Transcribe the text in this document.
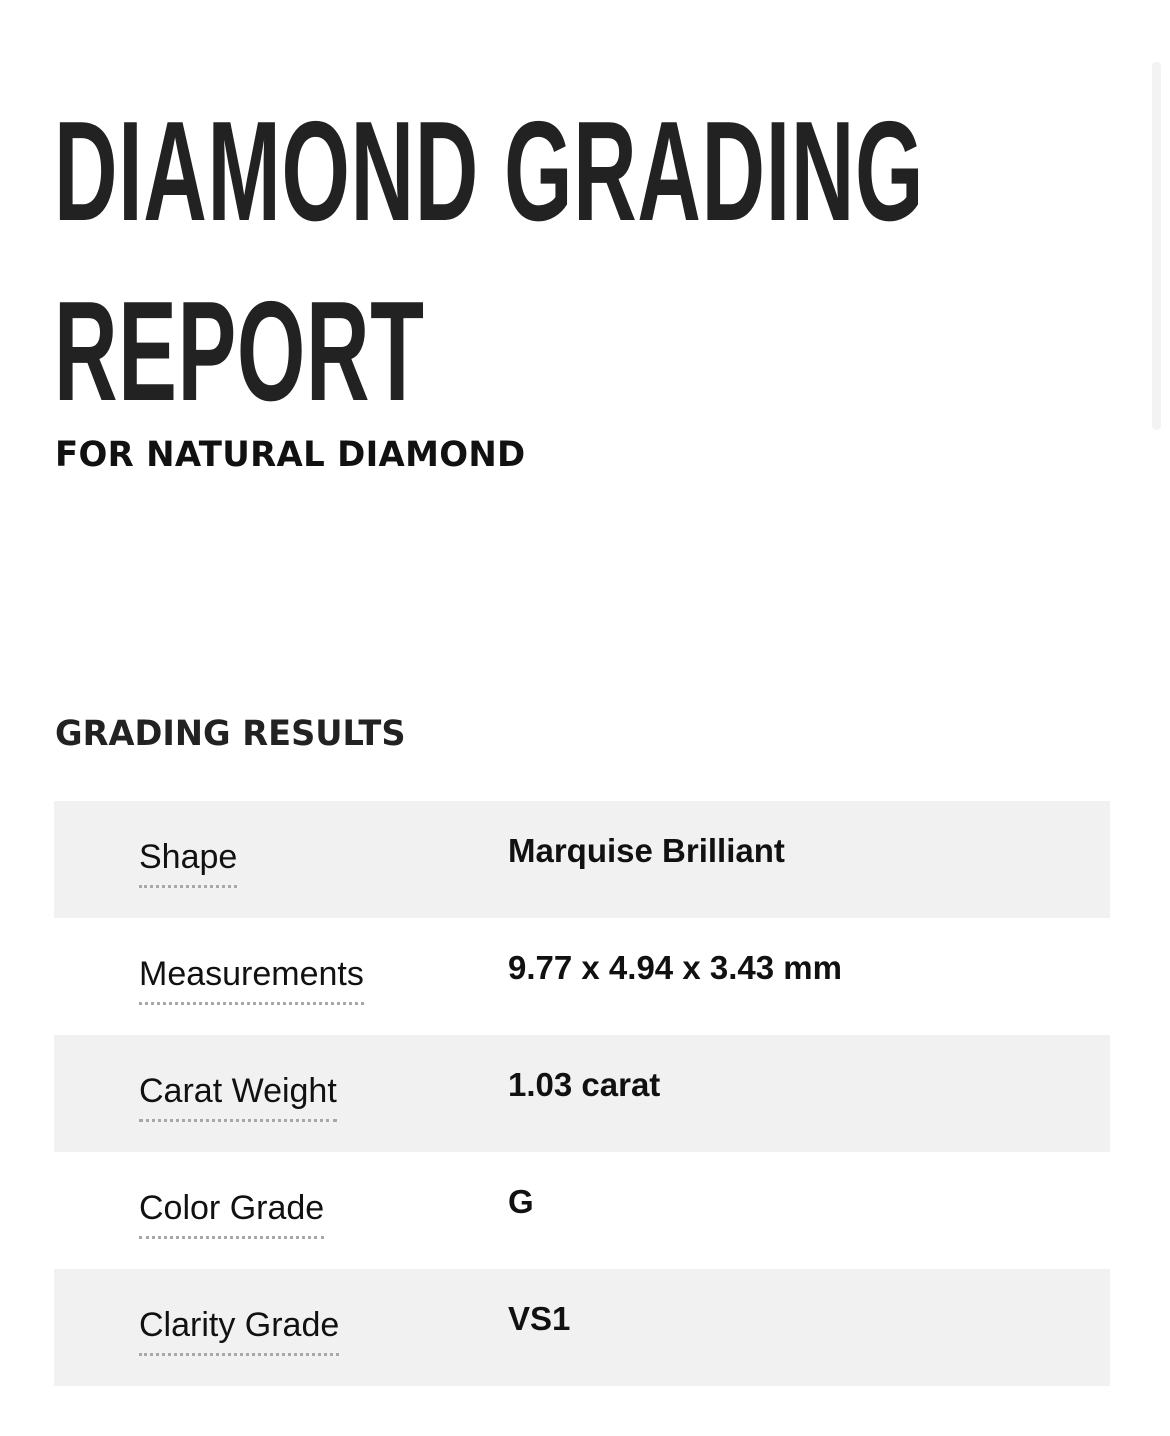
DIAMOND GRADING
REPORT
FOR NATURAL DIAMOND
GRADING RESULTS
Shape	Marquise Brilliant
Measurements	9.77 x 4.94 x 3.43 mm
Carat Weight	1.03 carat
Color Grade	G
Clarity Grade	VS1
